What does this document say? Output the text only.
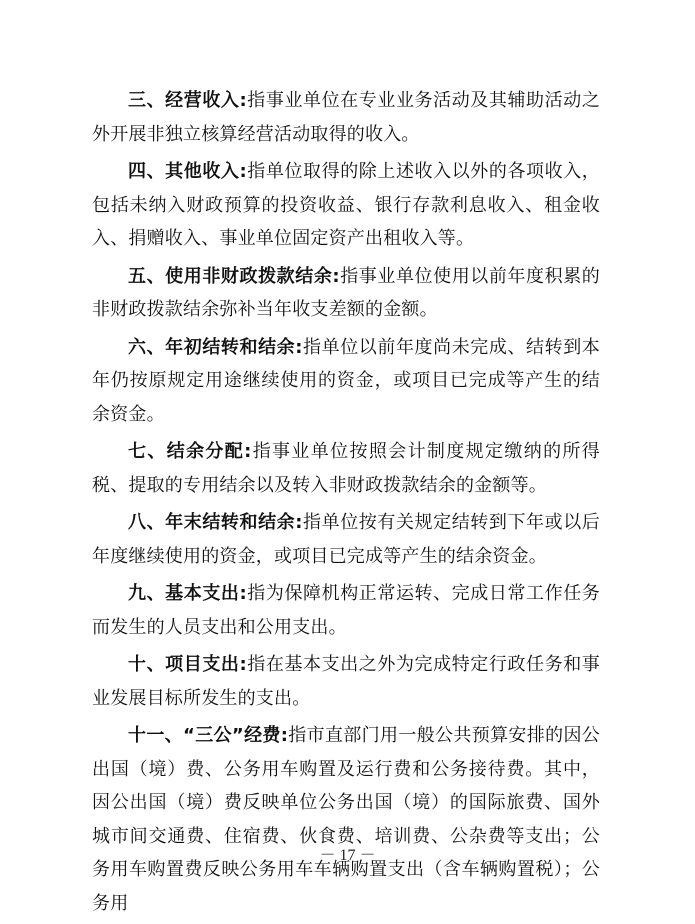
三、经营收入:指事业单位在专业业务活动及其辅助活动之外开展非独立核算经营活动取得的收入。

四、其他收入:指单位取得的除上述收入以外的各项收入，包括未纳入财政预算的投资收益、银行存款利息收入、租金收入、捐赠收入、事业单位固定资产出租收入等。

五、使用非财政拨款结余:指事业单位使用以前年度积累的非财政拨款结余弥补当年收支差额的金额。

六、年初结转和结余:指单位以前年度尚未完成、结转到本年仍按原规定用途继续使用的资金，或项目已完成等产生的结余资金。

七、结余分配:指事业单位按照会计制度规定缴纳的所得税、提取的专用结余以及转入非财政拨款结余的金额等。

八、年末结转和结余:指单位按有关规定结转到下年或以后年度继续使用的资金，或项目已完成等产生的结余资金。

九、基本支出:指为保障机构正常运转、完成日常工作任务而发生的人员支出和公用支出。

十、项目支出:指在基本支出之外为完成特定行政任务和事业发展目标所发生的支出。

十一、“三公”经费:指市直部门用一般公共预算安排的因公出国（境）费、公务用车购置及运行费和公务接待费。其中，因公出国（境）费反映单位公务出国（境）的国际旅费、国外城市间交通费、住宿费、伙食费、培训费、公杂费等支出；公务用车购置费反映公务用车车辆购置支出（含车辆购置税）；公务用

－ 17 －
